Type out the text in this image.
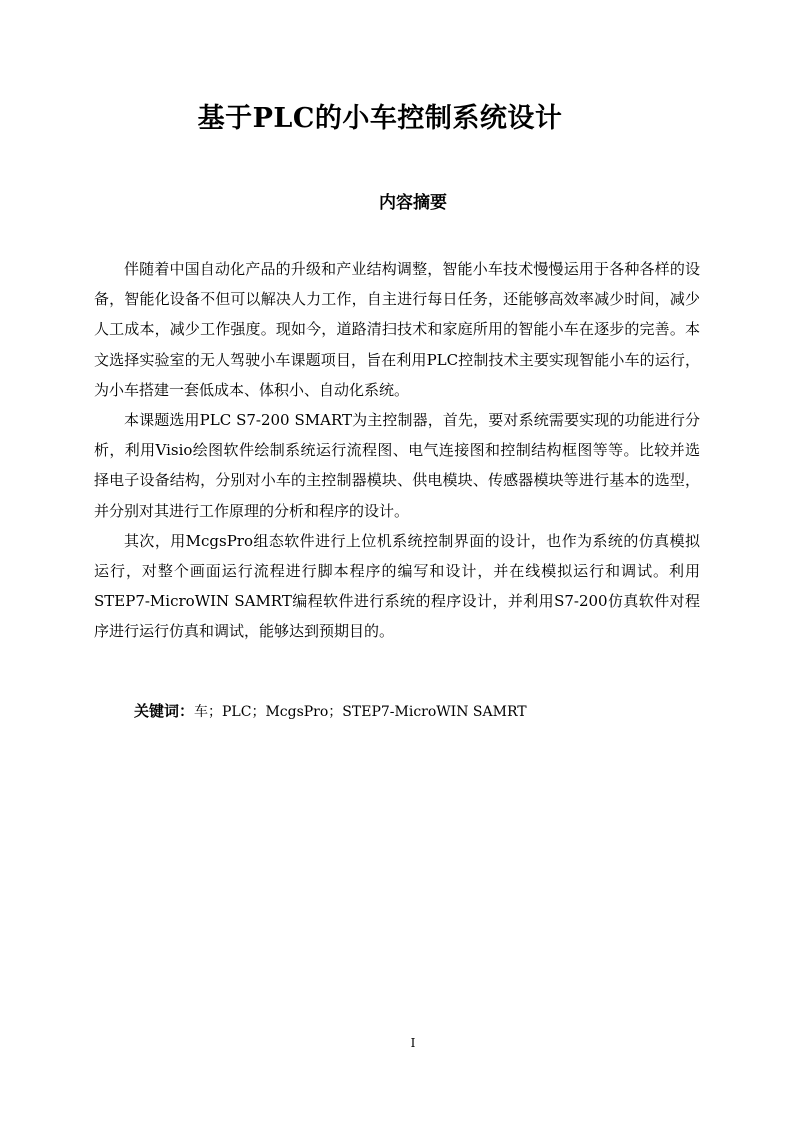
基于PLC的小车控制系统设计
内容摘要

伴随着中国自动化产品的升级和产业结构调整，智能小车技术慢慢运用于各种各样的设备，智能化设备不但可以解决人力工作，自主进行每日任务，还能够高效率减少时间，减少人工成本，减少工作强度。现如今，道路清扫技术和家庭所用的智能小车在逐步的完善。本文选择实验室的无人驾驶小车课题项目，旨在利用PLC控制技术主要实现智能小车的运行，为小车搭建一套低成本、体积小、自动化系统。

本课题选用PLC S7-200 SMART为主控制器，首先，要对系统需要实现的功能进行分析，利用Visio绘图软件绘制系统运行流程图、电气连接图和控制结构框图等等。比较并选择电子设备结构，分别对小车的主控制器模块、供电模块、传感器模块等进行基本的选型，并分别对其进行工作原理的分析和程序的设计。

其次，用McgsPro组态软件进行上位机系统控制界面的设计，也作为系统的仿真模拟运行，对整个画面运行流程进行脚本程序的编写和设计，并在线模拟运行和调试。利用STEP7-MicroWIN SAMRT编程软件进行系统的程序设计，并利用S7-200仿真软件对程序进行运行仿真和调试，能够达到预期目的。

关键词：车；PLC；McgsPro；STEP7-MicroWIN SAMRT
I
